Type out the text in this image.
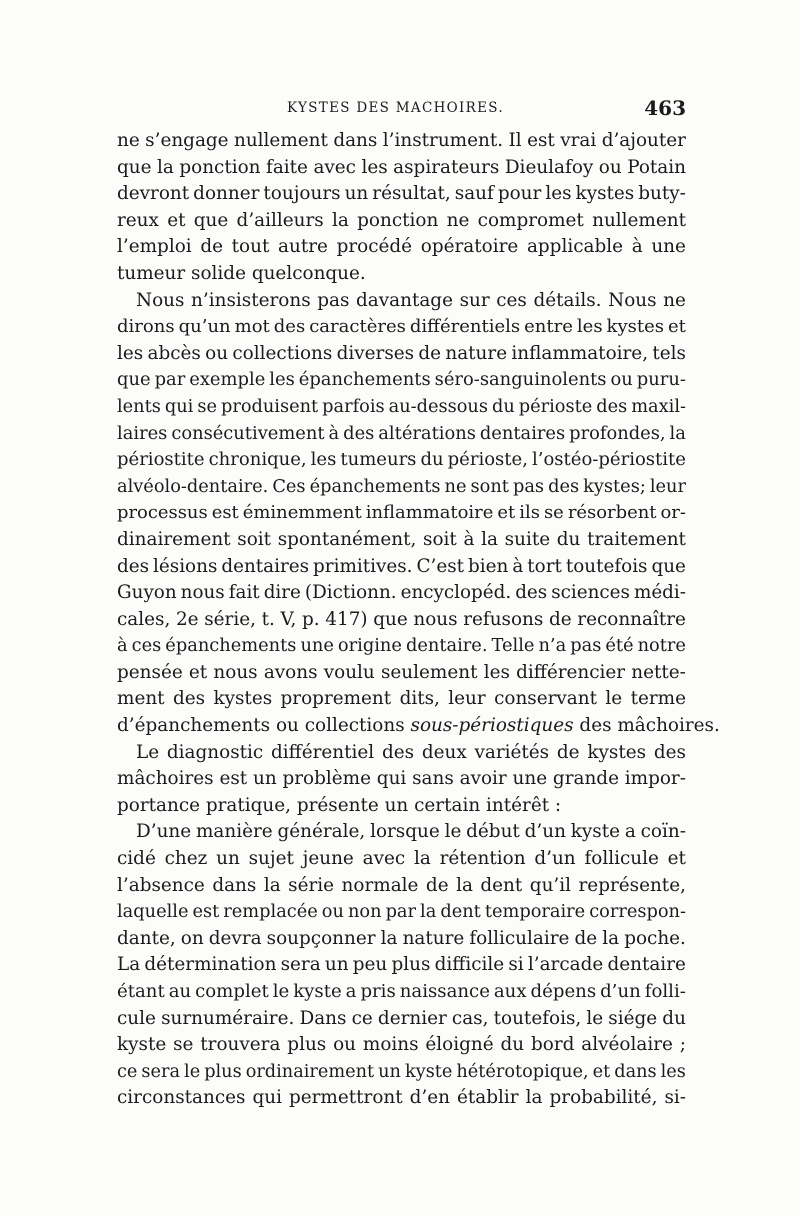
KYSTES DES MACHOIRES.	463
ne s’engage nullement dans l’instrument. Il est vrai d’ajouter
que la ponction faite avec les aspirateurs Dieulafoy ou Potain
devront donner toujours un résultat, sauf pour les kystes buty-
reux et que d’ailleurs la ponction ne compromet nullement
l’emploi de tout autre procédé opératoire applicable à une
tumeur solide quelconque.
Nous n’insisterons pas davantage sur ces détails. Nous ne
dirons qu’un mot des caractères différentiels entre les kystes et
les abcès ou collections diverses de nature inflammatoire, tels
que par exemple les épanchements séro-sanguinolents ou puru-
lents qui se produisent parfois au-dessous du périoste des maxil-
laires consécutivement à des altérations dentaires profondes, la
périostite chronique, les tumeurs du périoste, l’ostéo-périostite
alvéolo-dentaire. Ces épanchements ne sont pas des kystes; leur
processus est éminemment inflammatoire et ils se résorbent or-
dinairement soit spontanément, soit à la suite du traitement
des lésions dentaires primitives. C’est bien à tort toutefois que
Guyon nous fait dire (Dictionn. encyclopéd. des sciences médi-
cales, 2e série, t. V, p. 417) que nous refusons de reconnaître
à ces épanchements une origine dentaire. Telle n’a pas été notre
pensée et nous avons voulu seulement les différencier nette-
ment des kystes proprement dits, leur conservant le terme
d’épanchements ou collections sous-périostiques des mâchoires.
Le diagnostic différentiel des deux variétés de kystes des
mâchoires est un problème qui sans avoir une grande impor-
portance pratique, présente un certain intérêt :
D’une manière générale, lorsque le début d’un kyste a coïn-
cidé chez un sujet jeune avec la rétention d’un follicule et
l’absence dans la série normale de la dent qu’il représente,
laquelle est remplacée ou non par la dent temporaire correspon-
dante, on devra soupçonner la nature folliculaire de la poche.
La détermination sera un peu plus difficile si l’arcade dentaire
étant au complet le kyste a pris naissance aux dépens d’un folli-
cule surnuméraire. Dans ce dernier cas, toutefois, le siége du
kyste se trouvera plus ou moins éloigné du bord alvéolaire ;
ce sera le plus ordinairement un kyste hétérotopique, et dans les
circonstances qui permettront d’en établir la probabilité, si-
